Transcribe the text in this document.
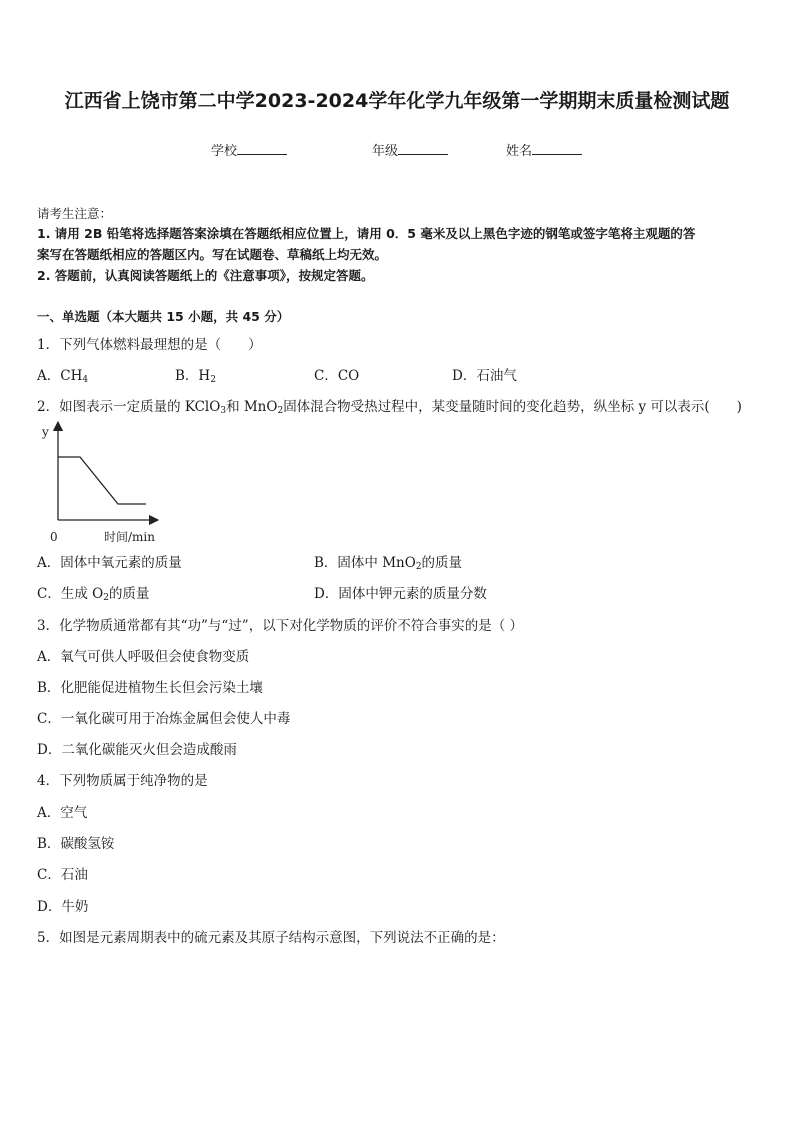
江西省上饶市第二中学2023-2024学年化学九年级第一学期期末质量检测试题
学校	年级	姓名
请考生注意：
1. 请用 2B 铅笔将选择题答案涂填在答题纸相应位置上，请用 0．5 毫米及以上黑色字迹的钢笔或签字笔将主观题的答
案写在答题纸相应的答题区内。写在试题卷、草稿纸上均无效。
2. 答题前，认真阅读答题纸上的《注意事项》，按规定答题。
一、单选题（本大题共 15 小题，共 45 分）
1．下列气体燃料最理想的是（　　）
A．$CH_4$	B．$H_2$	C．CO	D．石油气
2．如图表示一定质量的 KClO$_3$和 MnO$_2$固体混合物受热过程中，某变量随时间的变化趋势，纵坐标 y 可以表示(　　)
y
0	时间/min
A．固体中氧元素的质量	B．固体中 MnO$_2$的质量
C．生成 $O_2$的质量	D．固体中钾元素的质量分数
3．化学物质通常都有其“功”与“过”，以下对化学物质的评价不符合事实的是（ ）
A．氧气可供人呼吸但会使食物变质
B．化肥能促进植物生长但会污染土壤
C．一氧化碳可用于冶炼金属但会使人中毒
D．二氧化碳能灭火但会造成酸雨
4．下列物质属于纯净物的是
A．空气
B．碳酸氢铵
C．石油
D．牛奶
5．如图是元素周期表中的硫元素及其原子结构示意图，下列说法不正确的是：
